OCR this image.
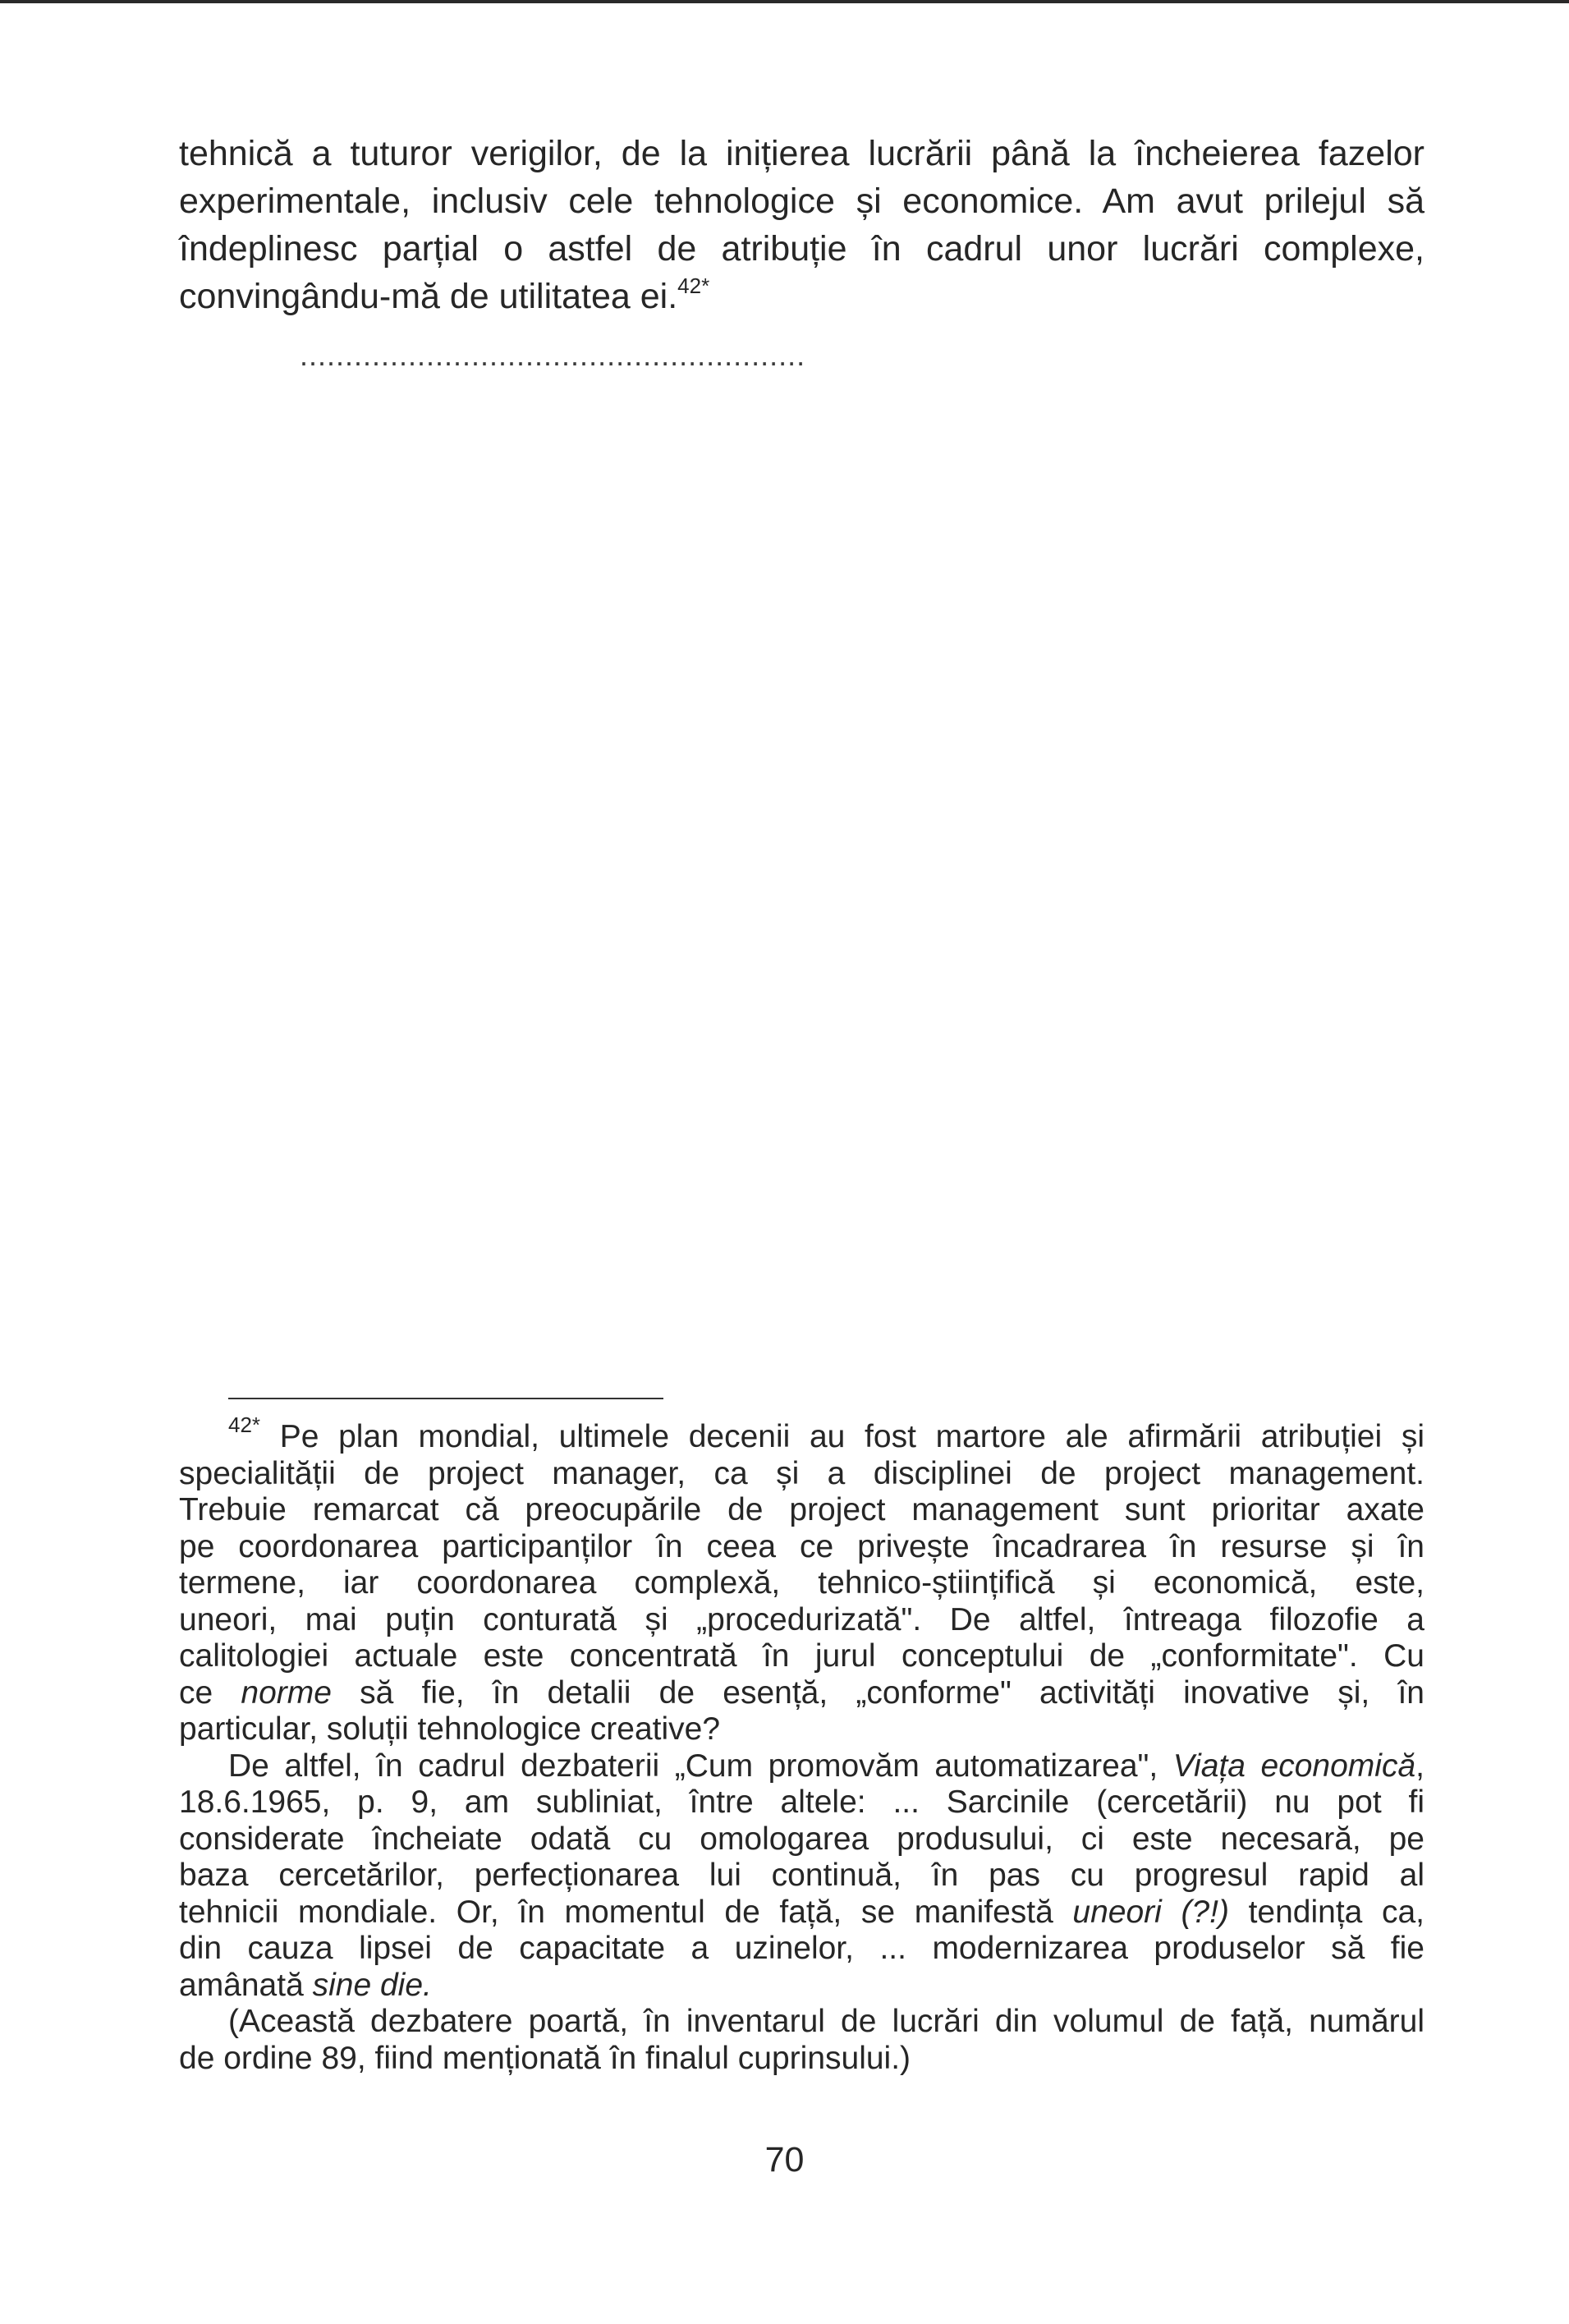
tehnică a tuturor verigilor, de la inițierea lucrării până la încheierea fazelor
experimentale, inclusiv cele tehnologice și economice. Am avut prilejul să
îndeplinesc parțial o astfel de atribuție în cadrul unor lucrări complexe,
convingându-mă de utilitatea ei.$^{42*}$
........................................................
$^{42*}$ Pe plan mondial, ultimele decenii au fost martore ale afirmării atribuției și
specialității de project manager, ca și a disciplinei de project management.
Trebuie remarcat că preocupările de project management sunt prioritar axate
pe coordonarea participanților în ceea ce privește încadrarea în resurse și în
termene, iar coordonarea complexă, tehnico-științifică și economică, este,
uneori, mai puțin conturată și „procedurizată". De altfel, întreaga filozofie a
calitologiei actuale este concentrată în jurul conceptului de „conformitate". Cu
ce norme să fie, în detalii de esență, „conforme" activități inovative și, în
particular, soluții tehnologice creative?
De altfel, în cadrul dezbaterii „Cum promovăm automatizarea", Viața economică,
18.6.1965, p. 9, am subliniat, între altele: ... Sarcinile (cercetării) nu pot fi
considerate încheiate odată cu omologarea produsului, ci este necesară, pe
baza cercetărilor, perfecționarea lui continuă, în pas cu progresul rapid al
tehnicii mondiale. Or, în momentul de față, se manifestă uneori (?!) tendința ca,
din cauza lipsei de capacitate a uzinelor, ... modernizarea produselor să fie
amânată sine die.
(Această dezbatere poartă, în inventarul de lucrări din volumul de față, numărul
de ordine 89, fiind menționată în finalul cuprinsului.)
70
